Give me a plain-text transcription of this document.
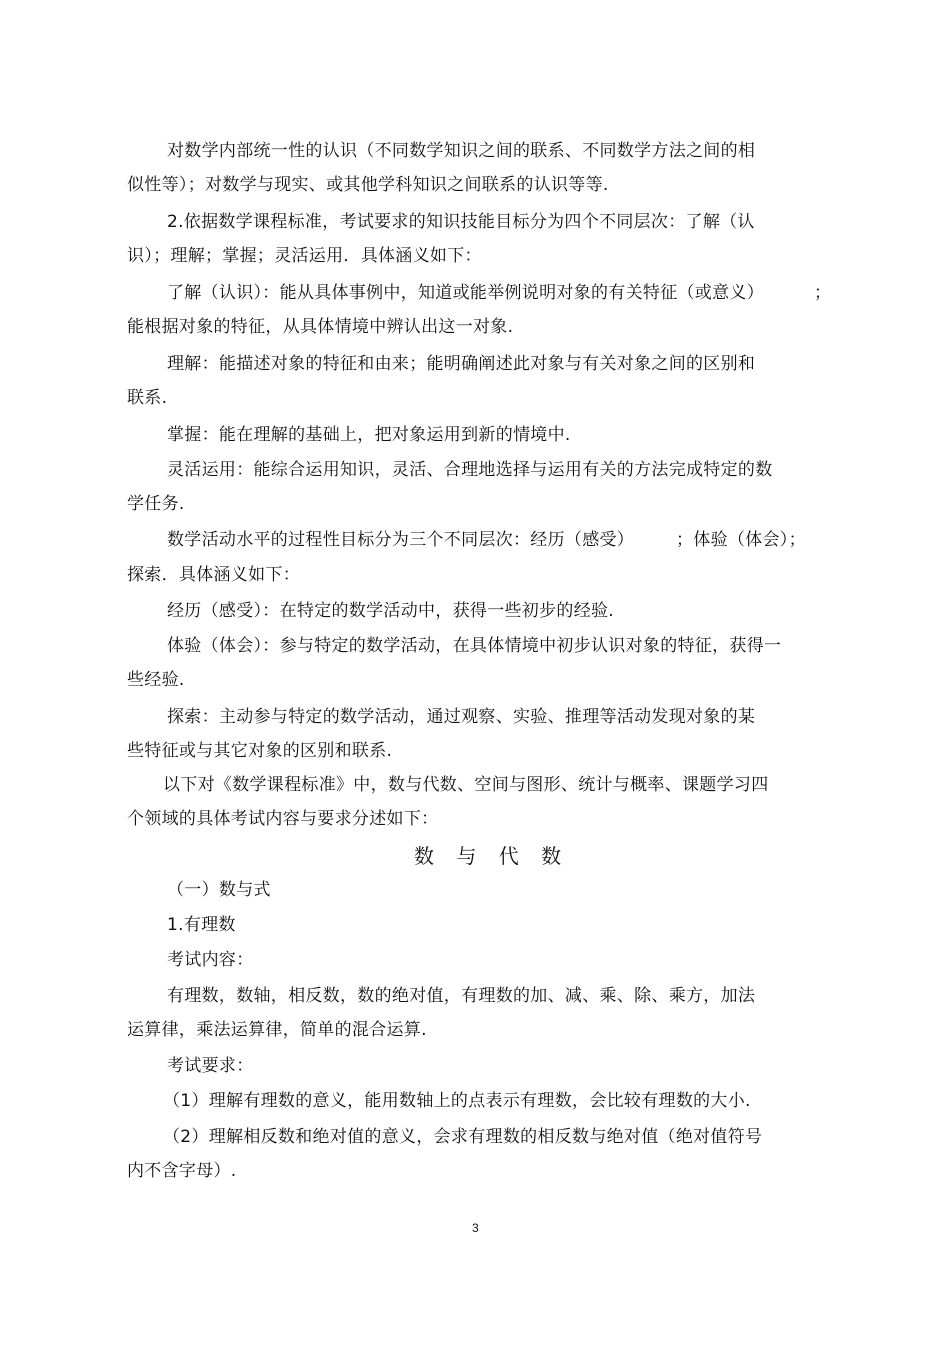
对数学内部统一性的认识（不同数学知识之间的联系、不同数学方法之间的相
似性等）；对数学与现实、或其他学科知识之间联系的认识等等.
2.依据数学课程标准，考试要求的知识技能目标分为四个不同层次：了解（认
识）；理解；掌握；灵活运用．具体涵义如下：
了解（认识）：能从具体事例中，知道或能举例说明对象的有关特征（或意义）	；
能根据对象的特征，从具体情境中辨认出这一对象.
理解：能描述对象的特征和由来；能明确阐述此对象与有关对象之间的区别和
联系.
掌握：能在理解的基础上，把对象运用到新的情境中.
灵活运用：能综合运用知识，灵活、合理地选择与运用有关的方法完成特定的数
学任务.
数学活动水平的过程性目标分为三个不同层次：经历（感受） ；体验（体会）；
探索．具体涵义如下：
经历（感受）：在特定的数学活动中，获得一些初步的经验.
体验（体会）：参与特定的数学活动，在具体情境中初步认识对象的特征，获得一
些经验.
探索：主动参与特定的数学活动，通过观察、实验、推理等活动发现对象的某
些特征或与其它对象的区别和联系.
以下对《数学课程标准》中，数与代数、空间与图形、统计与概率、课题学习四
个领域的具体考试内容与要求分述如下：
数 与 代 数
（一）数与式
1.有理数
考试内容：
有理数，数轴，相反数，数的绝对值，有理数的加、减、乘、除、乘方，加法
运算律，乘法运算律，简单的混合运算.
考试要求：
（1）理解有理数的意义，能用数轴上的点表示有理数，会比较有理数的大小.
（2）理解相反数和绝对值的意义，会求有理数的相反数与绝对值（绝对值符号
内不含字母）.
3
